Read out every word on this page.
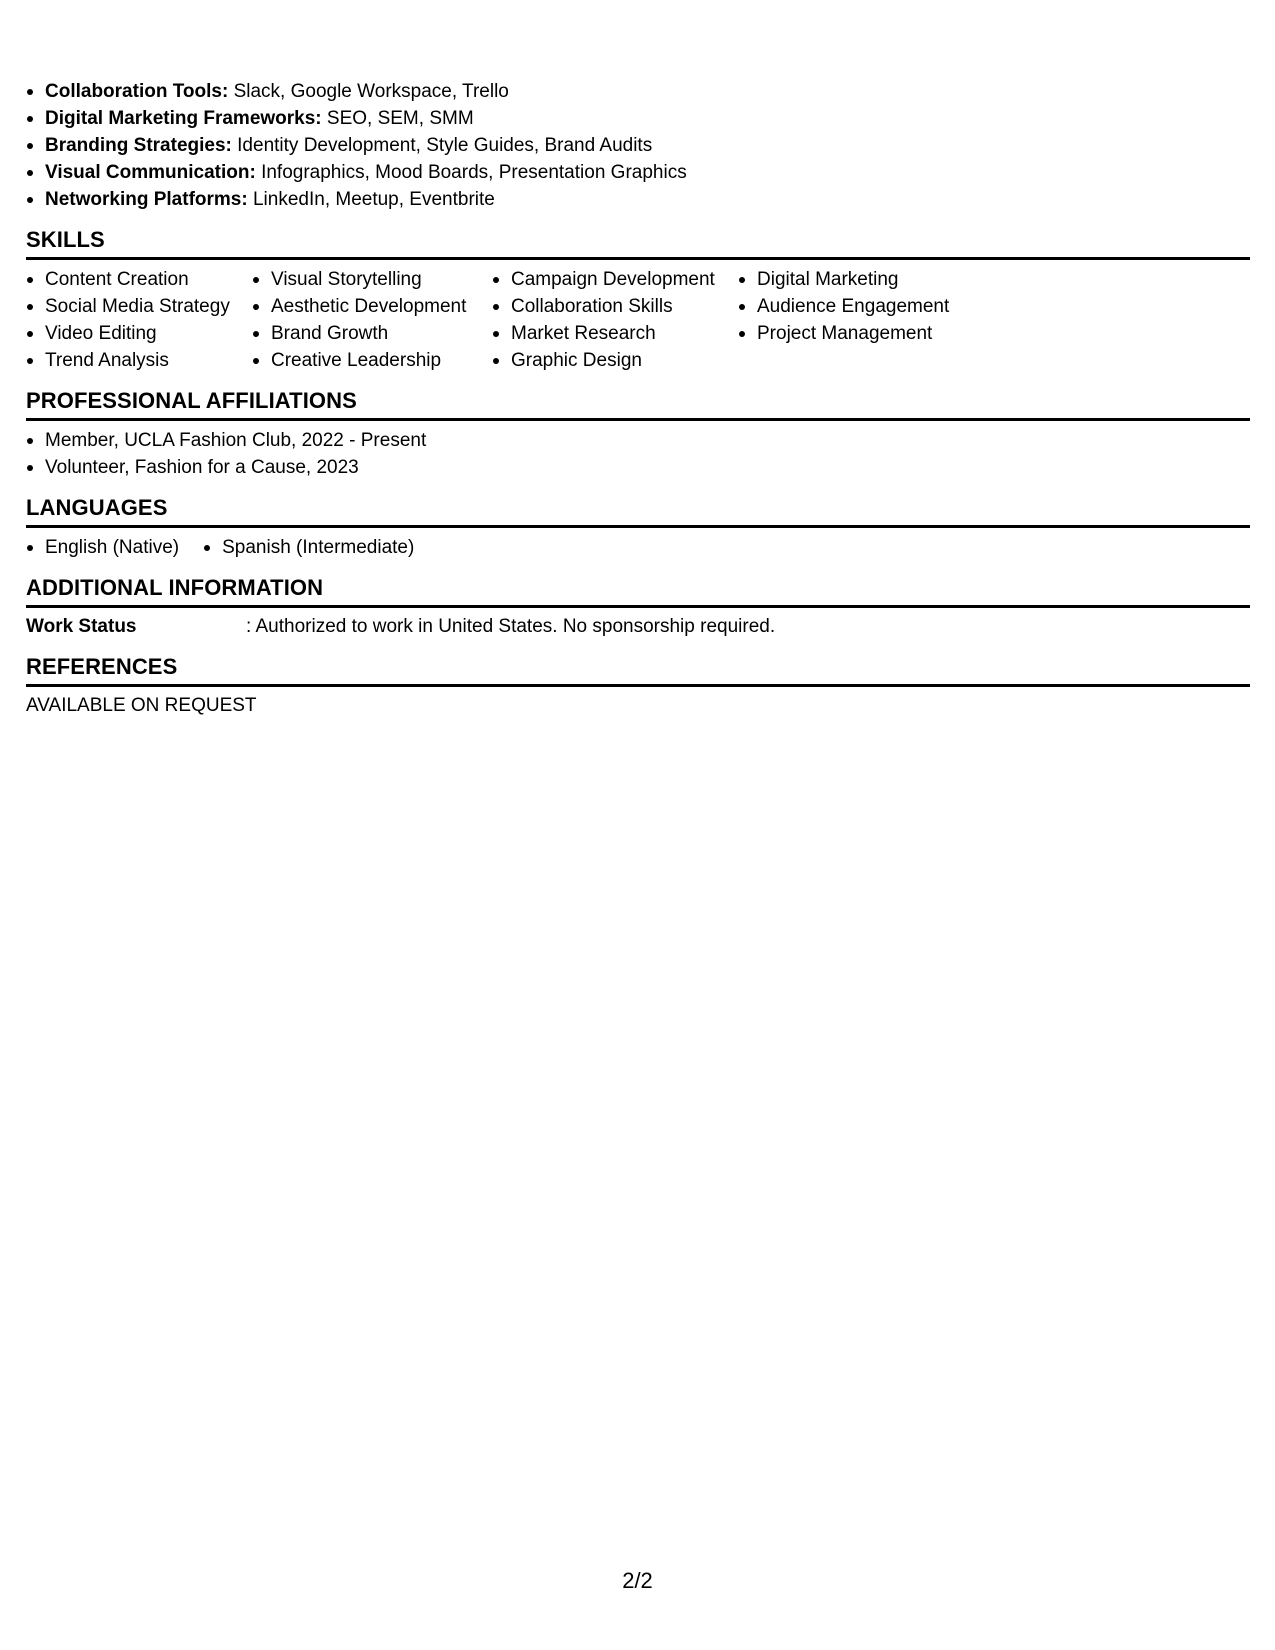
Collaboration Tools: Slack, Google Workspace, Trello
Digital Marketing Frameworks: SEO, SEM, SMM
Branding Strategies: Identity Development, Style Guides, Brand Audits
Visual Communication: Infographics, Mood Boards, Presentation Graphics
Networking Platforms: LinkedIn, Meetup, Eventbrite
SKILLS
Content Creation
Social Media Strategy
Video Editing
Trend Analysis
Visual Storytelling
Aesthetic Development
Brand Growth
Creative Leadership
Campaign Development
Collaboration Skills
Market Research
Graphic Design
Digital Marketing
Audience Engagement
Project Management
PROFESSIONAL AFFILIATIONS
Member, UCLA Fashion Club, 2022 - Present
Volunteer, Fashion for a Cause, 2023
LANGUAGES
English (Native)	Spanish (Intermediate)
ADDITIONAL INFORMATION
Work Status	: Authorized to work in United States. No sponsorship required.
REFERENCES
AVAILABLE ON REQUEST
2/2
